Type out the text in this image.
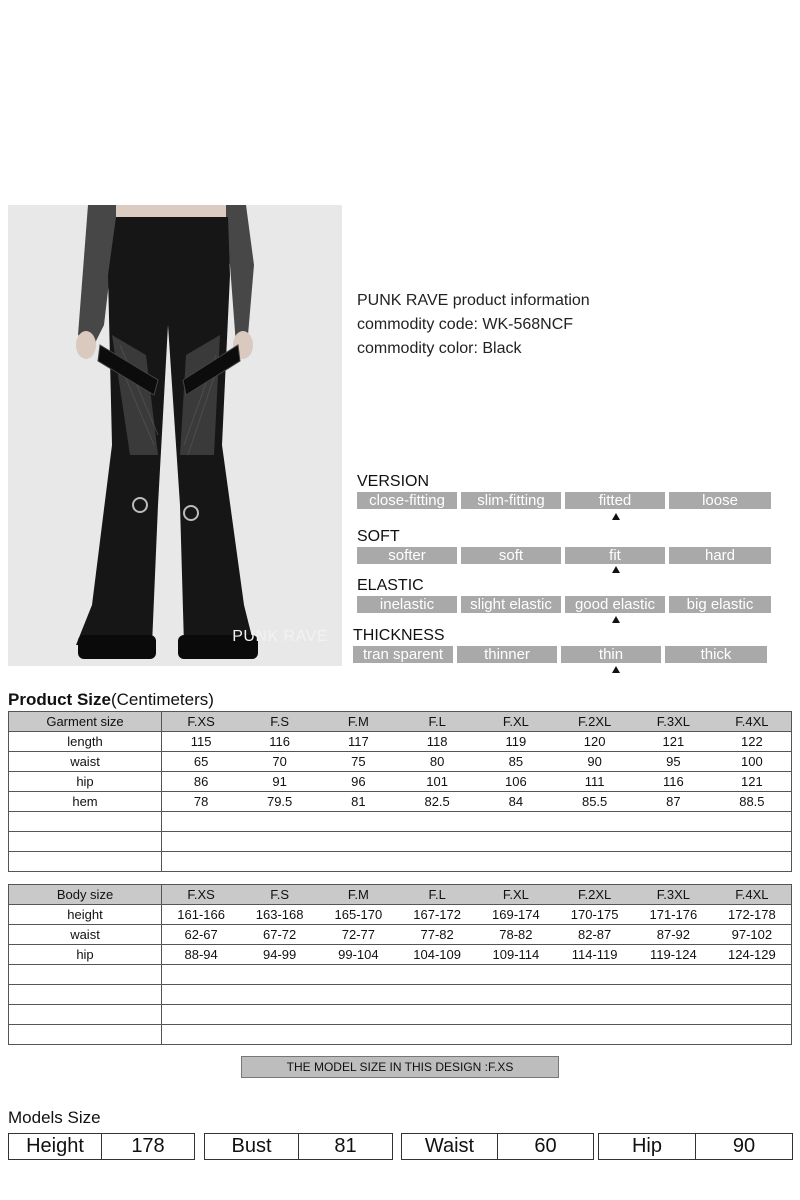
PUNK RAVE
PUNK RAVE product information
commodity code: WK-568NCF
commodity color: Black
VERSION
close-fitting	slim-fitting	fitted	loose
SOFT
softer	soft	fit	hard
ELASTIC
inelastic	slight elastic	good elastic	big elastic
THICKNESS
tran sparent	thinner	thin	thick
Product Size(Centimeters)
Garment size	F.XS	F.S	F.M	F.L	F.XL	F.2XL	F.3XL	F.4XL
length	115	116	117	118	119	120	121	122
waist	65	70	75	80	85	90	95	100
hip	86	91	96	101	106	111	116	121
hem	78	79.5	81	82.5	84	85.5	87	88.5

Body size	F.XS	F.S	F.M	F.L	F.XL	F.2XL	F.3XL	F.4XL
height	161-166	163-168	165-170	167-172	169-174	170-175	171-176	172-178
waist	62-67	67-72	72-77	77-82	78-82	82-87	87-92	97-102
hip	88-94	94-99	99-104	104-109	109-114	114-119	119-124	124-129

THE MODEL SIZE IN THIS DESIGN :F.XS
Models Size
Height	178	Bust	81	Waist	60	Hip	90
